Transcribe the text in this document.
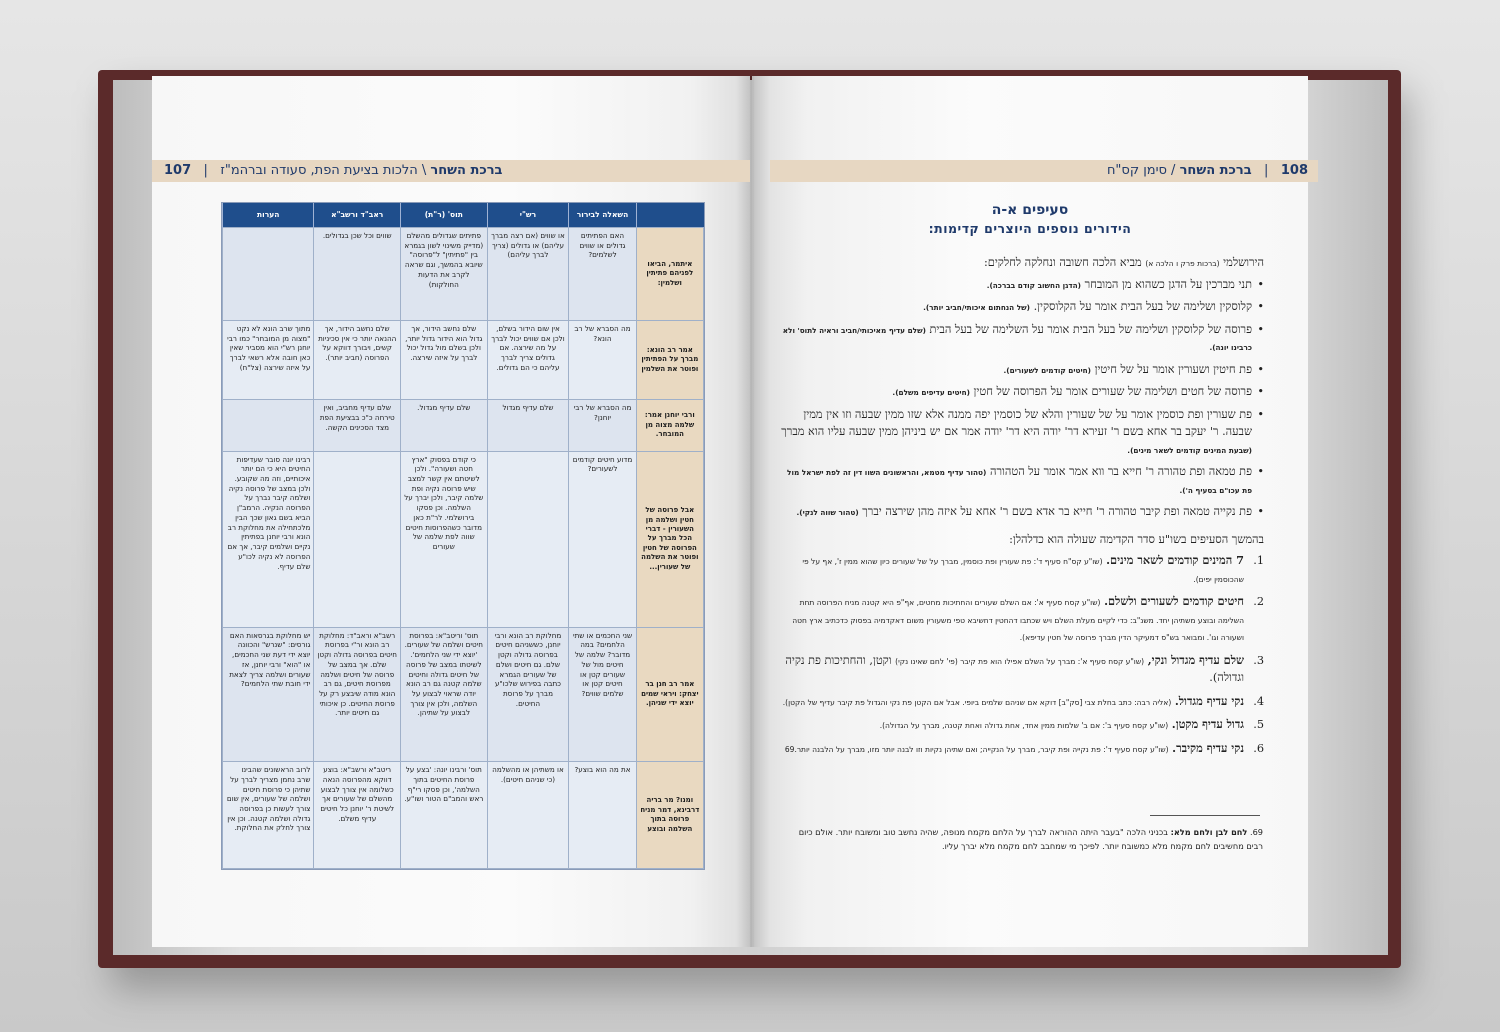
ברכת השחר \ הלכות בציעת הפת, סעודה וברהמ"ז   |   107	108   |   ברכת השחר / סימן קס"ח
	השאלה לבירור	רש"י	תוס' (ר"ת)	ראב"ד ורשב"א	הערות
איתמר, הביאו לפניהם פתיתין ושלמין:	האם הפתיתים גדולים או שווים לשלמים?	או שווים (אם רצה מברך עליהם) או גדולים (צריך לברך עליהם)	פתיתים שגדולים מהשלם (מדייק משינוי לשון בגמרא בין "פתיתין" ל"פרוסה" שיובא בהמשך, וגם שראה לקרב את הדעות החולקות)	שווים וכל שכן בגדולים.	
אמר רב הונא: מברך על הפתיתין ופוטר את השלמין	מה הסברא של רב הונא?	אין שום הידור בשלם, ולכן אם שווים יכול לברך על מה שירצה. אם גדולים צריך לברך עליהם כי הם גדולים.	שלם נחשב הידור, אך גדול הוא הידור גדול יותר, ולכן בשלם מול גדול יכול לברך על איזה שירצה.	שלם נחשב הידור, אך ההנאה יותר כי אין סכיניות קשים, ויבורך דווקא על הפרוסה (חביב יותר).	מתוך שרב הונא לא נקט "מצוה מן המובחר" כמו רבי יוחנן רש"י הוא מסביר שאין כאן חובה אלא רשאי לברך על איזה שירצה (צל"ח)
ורבי יוחנן אמר: שלמה מצוה מן המובחר.	מה הסברא של רבי יוחנן?	שלם עדיף מגדול	שלם עדיף מגדול.	שלם עדיף מחביב, ואין טירחה כ"כ בבציעת הפת מצד הסכינים הקשה.	
אבל פרוסה של חטין ושלמה מן השעורין - דברי הכל מברך על הפרוסה של חטין ופוטר את השלמה של שעורין...	מדוע חיטים קודמים לשעורים?		כי קודם בפסוק "ארץ חטה ושעורה". ולכן לשיטתם אין קשר למצב שיש פרוסה נקיה ופת שלמה קיבר, ולכן יברך על השלמה. וכן פסקו בירושלמי. לר"ת כאן מדובר כשהפרוסות חיטים שווה לפת שלמה של שעורים		רבינו יונה סובר שעדיפות החיטים היא כי הם יותר איכותיים, וזה מה שקובע. ולכן במצב של פרוסה נקיה ושלמה קיבר נברך על הפרוסה הנקיה. הרמב"ן הביא בשם גאון שכך הבין מלכתחילה את מחלוקת רב הונא ורבי יוחנן בפתיתין נקיים ושלמים קיבר, אך אם הפרוסה לא נקיה לכו"ע שלם עדיף.
אמר רב חנן בר יצחק: ויראי שמים יוצא ידי שניהן.	שני החכמים או שתי הלחמים? במה מדובר? שלמה של חיטים מול של שעורים קטן או חיטים קטן או שלמים שווים?	מחלוקת רב הונא ורבי יוחנן, כששניהם חיטים בפרוסה גדולה וקטן שלם. גם חיטים ושלם של שעורים הגמרא כתבה בפירוש שלכו"ע מברך על פרוסת החיטים.	תוס' וריטב"א: בפרוסת חיטים ושלמה של שעורים. 'יוצא ידי שני הלחמים'. לשיטתו במצב של פרוסה של חיטים גדולה וחיטים שלמה קטנה גם רב הונא יודה שראוי לבצוע על השלמה, ולכן אין צורך לבצוע על שתיהן.	רשב"א וראב"ד: מחלוקת רב הונא ור"י בפרוסת חיטים בפרוסה גדולה וקטן שלם. אך במצב של פרוסה של חיטים ושלמה מפרוסת חיטים, גם רב הונא מודה שיבצע רק על פרוסת החיטים. כן איכותי גם חיטים יותר.	יש מחלוקת בגרסאות האם גורסים: "שנרש" והכוונה יוצא ידי דעת שני החכמים, או "הוא" ורבי יוחנן, אז שעורים ושלמה צריך לצאת ידי חובת שתי הלחמים?
ומנו? מר בריה דרבינא, דמר מניח פרוסה בתוך השלמה ובוצע	את מה הוא בוצע?	או משתיהן או מהשלמה (כי שניהם חיטים).	תוס' ורבינו יונה: 'בצע על פרוסת החיטים בתוך השלמה', וכן פסקו רי"ף ראש והמב"ם הטור ושו"ע.	ריטב"א ורשב"א: בוצע דווקא מהפרוסה הנאה כשלומה אין צורך לבצוע מהשלם של שעורים אך לשיטת ר' יוחנן כל חיטים עדיף משלם.	לרוב הראשונים שהבינו שרב נחמן מצריך לברך על שתיהן כי פרוסת חיטים ושלמה של שעורים, אין שום צורך לעשות כן בפרוסה גדולה ושלמה קטנה. וכן אין צורך לחלק את החלוקת.
סעיפים א-ה
הידורים נוספים היוצרים קדימות:

הירושלמי (ברכות פרק ו הלכה א) מביא הלכה חשובה ונחלקה לחלקים:

• תני מברכין על הדגן כשהוא מן המובחר (הדגן החשוב קודם בברכה).
• קלוסקין ושלימה של בעל הבית אומר על הקלוסקין. (של הנחתום איכותי/חביב יותר).
• פרוסה של קלוסקין ושלימה של בעל הבית אומר על השלימה של בעל הבית (שלם עדיף מאיכותי/חביב וראיה לתוס' ולא כרבינו יונה).
• פת חיטין ושעורין אומר על של חיטין (חיטים קודמים לשעורים).
• פרוסה של חטים ושלימה של שעורים אומר על הפרוסה של חטין (חיטים עדיפים משלם).
• פת שעורין ופת כוסמין אומר על של שעורין והלא של כוסמין יפה ממנה אלא שזו ממין שבעה וזו אין ממין שבעה. ר' יעקב בר אחא בשם ר' זעירא דר' יודה היא דר' יודה אמר אם יש ביניהן ממין שבעה עליו הוא מברך (שבעת המינים קודמים לשאר מינים).
• פת טמאה ופת טהורה ר' חייא בר ווא אמר אומר על הטהורה (טהור עדיף מטמא, והראשונים השוו דין זה לפת ישראל מול פת עכו"ם בסעיף ה').
• פת נקייה טמאה ופת קיבר טהורה ר' חייא בר אדא בשם ר' אחא על איזה מהן שירצה יברך (טהור שווה לנקי).

בהמשך הסעיפים בשו"ע סדר הקדימה שעולה הוא כדלהלן:

1.
7 המינים קודמים לשאר מינים. (שו"ע קס"ח סעיף ד': פת שעורין ופת כוסמין, מברך על של שעורים כיון שהוא ממין ז', אף על פי שהכוסמין יפים).
2.
חיטים קודמים לשעורים ולשלם. (שו"ע קסח סעיף א': אם השלם שעורים והחתיכות מחטים, אף"פ היא קטנה מניח הפרוסה תחת השלימה ובוצע משתיהן יחד. משנ"ב: כדי לקיים מעלת השלם ויש שכתבו דהחטין דחשיבא טפי משעורין משום דאקדמיה בפסוק כדכתיב ארץ חטה ושעורה וגו'. ומבואר בש"ס דמעיקר הדין מברך פרוסה של חטין עדיפא).
3.
שלם עדיף מגדול ונקי, (שו"ע קסח סעיף א': מברך על השלם אפילו הוא פת קיבר (פי' לחם שאינו נקי) וקטן, והחתיכות פת נקיה וגדולה).
4.
נקי עדיף מגדול. (אליה רבה: כתב בחלת צבי [סק"ב] דוקא אם שניהם שלמים ביופי. אבל אם הקטן פת נקי והגדול פת קיבר עדיף של הקטן).
5.
גדול עדיף מקטן. (שו"ע קסח סעיף ב': אם ב' שלמות ממין אחד, אחת גדולה ואחת קטנה, מברך על הגדולה).
6.
נקי עדיף מקיבר. (שו"ע קסח סעיף ד': פת נקייה ופת קיבר, מברך על הנקייה; ואם שתיהן נקיות וזו לבנה יותר מזו, מברך על הלבנה יותר.69
69. לחם לבן ולחם מלא: בכניני הלכה "בעבר היתה ההוראה לברך על הלחם מקמח מנופה, שהיה נחשב טוב ומשובח יותר. אולם כיום רבים מחשיבים לחם מקמח מלא כמשובח יותר. לפיכך מי שמחבב לחם מקמח מלא יברך עליו.
